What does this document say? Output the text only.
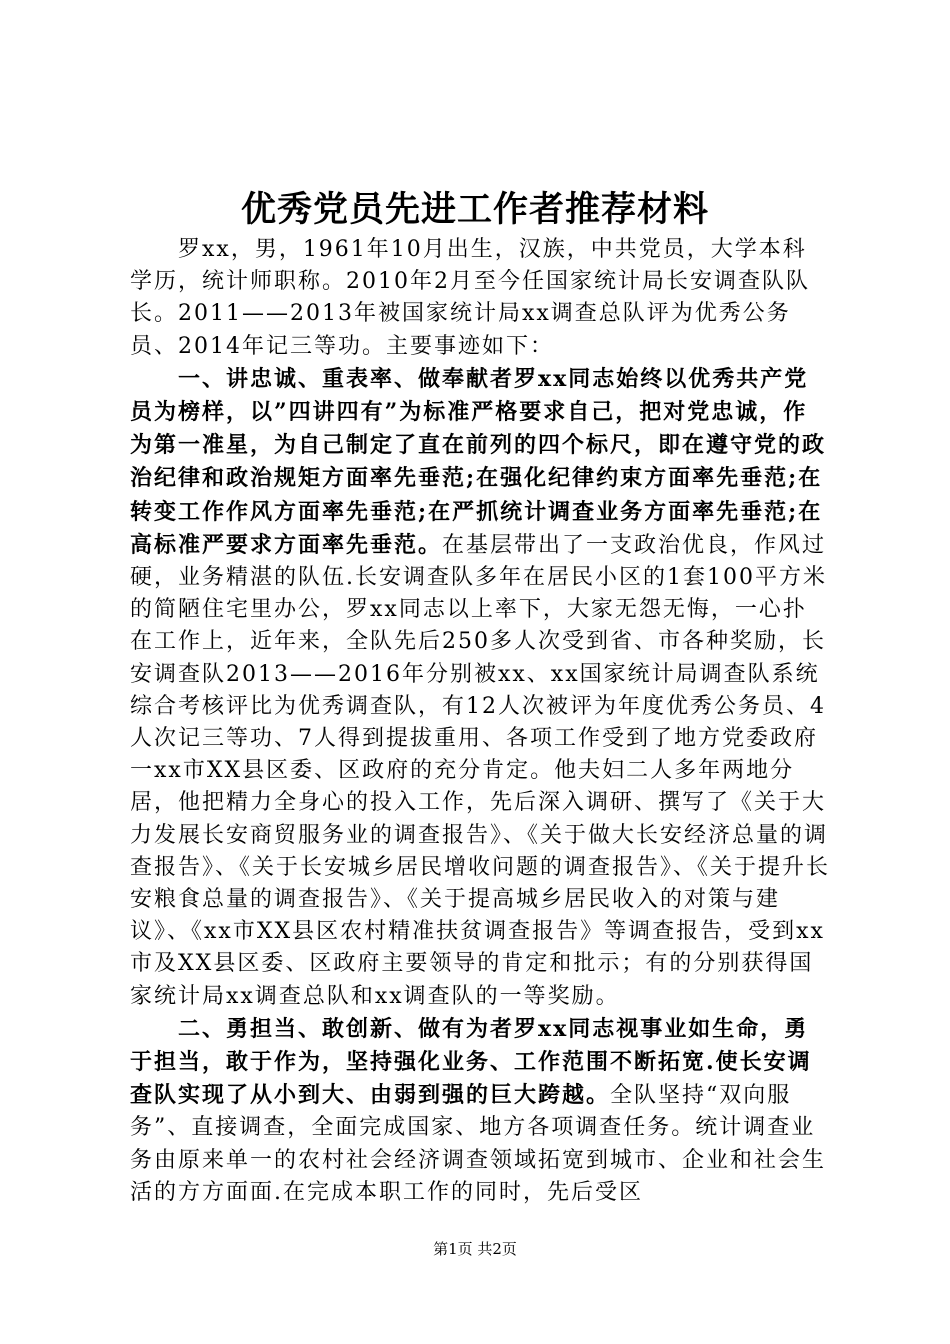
优秀党员先进工作者推荐材料

罗xx，男，1961年10月出生，汉族，中共党员，大学本科学历，统计师职称。2010年2月至今任国家统计局长安调查队队长。2011——2013年被国家统计局xx调查总队评为优秀公务员、2014年记三等功。主要事迹如下：

一、讲忠诚、重表率、做奉献者罗xx同志始终以优秀共产党员为榜样，以”四讲四有”为标准严格要求自己，把对党忠诚，作为第一准星，为自己制定了直在前列的四个标尺，即在遵守党的政治纪律和政治规矩方面率先垂范;在强化纪律约束方面率先垂范;在转变工作作风方面率先垂范;在严抓统计调查业务方面率先垂范;在高标准严要求方面率先垂范。在基层带出了一支政治优良，作风过硬，业务精湛的队伍.长安调查队多年在居民小区的1套100平方米的简陋住宅里办公，罗xx同志以上率下，大家无怨无悔，一心扑在工作上，近年来，全队先后250多人次受到省、市各种奖励，长安调查队2013——2016年分别被xx、xx国家统计局调查队系统综合考核评比为优秀调查队，有12人次被评为年度优秀公务员、4人次记三等功、7人得到提拔重用、各项工作受到了地方党委政府一xx市XX县区委、区政府的充分肯定。他夫妇二人多年两地分居，他把精力全身心的投入工作，先后深入调研、撰写了《关于大力发展长安商贸服务业的调查报告》、《关于做大长安经济总量的调查报告》、《关于长安城乡居民增收问题的调查报告》、《关于提升长安粮食总量的调查报告》、《关于提高城乡居民收入的对策与建议》、《xx市XX县区农村精准扶贫调查报告》等调查报告，受到xx市及XX县区委、区政府主要领导的肯定和批示；有的分别获得国家统计局xx调查总队和xx调查队的一等奖励。

二、勇担当、敢创新、做有为者罗xx同志视事业如生命，勇于担当，敢于作为，坚持强化业务、工作范围不断拓宽.使长安调查队实现了从小到大、由弱到强的巨大跨越。全队坚持“双向服务”、直接调查，全面完成国家、地方各项调查任务。统计调查业务由原来单一的农村社会经济调查领域拓宽到城市、企业和社会生活的方方面面.在完成本职工作的同时，先后受区

第1页 共2页
